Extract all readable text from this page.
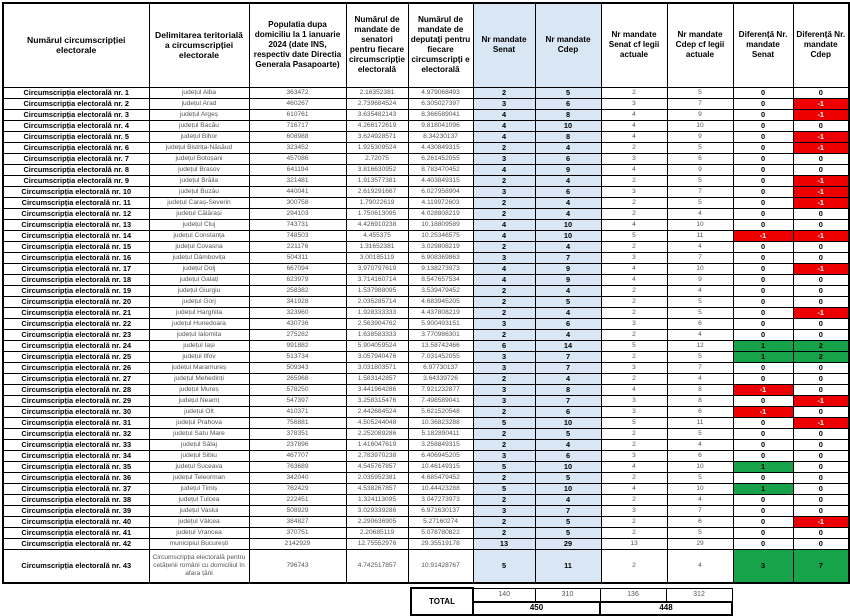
Numărul circumscripției electorale	Delimitarea teritorială a circumscripției electorale	Populatia dupa domiciliu la 1 ianuarie 2024 (date INS, respectiv date Directia Generala Pasapoarte)	Numărul de mandate de senatori pentru fiecare circumscripție electorală	Numărul de mandate de deputați pentru fiecare circumscripți e electorală	Nr mandate Senat	Nr mandate Cdep	Nr mandate Senat cf legii actuale	Nr mandate Cdep cf legii actuale	Diferență Nr. mandate Senat	Diferență Nr. mandate Cdep
Circumscripția electorală nr. 1	județul Alba	363472	2.16352381	4.979068493	2	5	2	5	0	0
Circumscripția electorală nr. 2	județul Arad	460267	2.739684524	6.305027397	3	6	3	7	0	-1
Circumscripția electorală nr. 3	județul Argeș	610761	3.635482143	8.366589041	4	8	4	9	0	-1
Circumscripția electorală nr. 4	județul Bacău	716717	4.266172619	9.818041096	4	10	4	10	0	0
Circumscripția electorală nr. 5	județul Bihor	608988	3.624928571	8.34230137	4	8	4	9	0	-1
Circumscripția electorală nr. 6	județul Bistrița-Năsăud	323452	1.925309524	4.430849315	2	4	2	5	0	-1
Circumscripția electorală nr. 7	județul Botoșani	457086	2.72075	6.261452055	3	6	3	6	0	0
Circumscripția electorală nr. 8	județul Brasov	641194	3.816630952	8.783470452	4	9	4	9	0	0
Circumscripția electorală nr. 9	județul Brăila	321481	1.913577381	4.403849315	2	4	2	5	0	-1
Circumscripția electorală nr. 10	județul Buzău	440041	2.619291667	6.027958904	3	6	3	7	0	-1
Circumscripția electorală nr. 11	județul Caraș-Severin	300758	1.79022619	4.119972603	2	4	2	5	0	-1
Circumscripția electorală nr. 12	județul Călărași	294103	1.750613095	4.028808219	2	4	2	4	0	0
Circumscripția electorală nr. 13	județul Cluj	743731	4.426910238	10.18809589	4	10	4	10	0	0
Circumscripția electorală nr. 14	județul Constanța	748503	4.455375	10.25346575	4	10	5	11	-1	-1
Circumscripția electorală nr. 15	județul Covasna	221176	1.31652381	3.029808219	2	4	2	4	0	0
Circumscripția electorală nr. 16	județul Dâmbovița	504311	3.00185119	6.908369863	3	7	3	7	0	0
Circumscripția electorală nr. 17	județul Dolj	667094	3.970797619	9.138273973	4	9	4	10	0	-1
Circumscripția electorală nr. 18	județul Galați	623979	3.714160714	8.547657534	4	9	4	9	0	0
Circumscripția electorală nr. 19	județul Giurgiu	258382	1.537988095	3.539479452	2	4	2	4	0	0
Circumscripția electorală nr. 20	județul Gorj	341928	2.035285714	4.683945205	2	5	2	5	0	0
Circumscripția electorală nr. 21	județul Harghita	323960	1.928333333	4.437808219	2	4	2	5	0	-1
Circumscripția electorală nr. 22	județul Hunedoara	430736	2.563904762	5.900493151	3	6	3	6	0	0
Circumscripția electorală nr. 23	județul Ialomita	275282	1.638583333	3.770986301	2	4	2	4	0	0
Circumscripția electorală nr. 24	județul Iași	991882	5.904059524	13.58742466	6	14	5	12	1	2
Circumscripția electorală nr. 25	județul Ilfov	513734	3.057940476	7.031452055	3	7	2	5	1	2
Circumscripția electorală nr. 26	județul Maramureș	509343	3.031803571	6.97730137	3	7	3	7	0	0
Circumscripția electorală nr. 27	județul Mehedinți	265968	1.583142857	3.64339726	2	4	2	4	0	0
Circumscripția electorală nr. 28	județul Mureș	578250	3.441964286	7.921232877	3	8	4	8	-1	0
Circumscripția electorală nr. 29	județul Neamț	547397	3.258315476	7.498589041	3	7	3	8	0	-1
Circumscripția electorală nr. 30	județul Olt	410371	2.442684524	5.621520548	2	6	3	6	-1	0
Circumscripția electorală nr. 31	județul Prahova	756881	4.505244048	10.36823288	5	10	5	11	0	-1
Circumscripția electorală nr. 32	județul Satu Mare	378351	2.252089286	5.182890411	2	5	2	5	0	0
Circumscripția electorală nr. 33	județul Sălaj	237896	1.416047619	3.258849315	2	4	2	4	0	0
Circumscripția electorală nr. 34	județul Sibiu	467707	2.783970238	6.406945205	3	6	3	6	0	0
Circumscripția electorală nr. 35	județul Suceava	763689	4.545767857	10.46149315	5	10	4	10	1	0
Circumscripția electorală nr. 36	județul Teleorman	342040	2.035952381	4.685479452	2	5	2	5	0	0
Circumscripția electorală nr. 37	județul Timiș	762429	4.538267857	10.44423288	5	10	4	10	1	0
Circumscripția electorală nr. 38	județul Tulcea	222451	1.324113095	3.047273973	2	4	2	4	0	0
Circumscripția electorală nr. 39	județul Vaslui	508929	3.029339286	6.971630137	3	7	3	7	0	0
Circumscripția electorală nr. 40	județul Vâlcea	384827	2.290636905	5.27160274	2	5	2	6	0	-1
Circumscripția electorală nr. 41	județul Vrancea	370751	2.20685119	5.078780822	2	5	2	5	0	0
Circumscripția electorală nr. 42	municipiul București	2142929	12.75552976	29.35519178	13	29	13	29	0	0
Circumscripția electorală nr. 43	Circumscripția electorală pentru cetățenii români cu domiciliul în afara țării	796743	4.742517857	10.91428767	5	11	2	4	3	7
TOTAL	140	310	136	312
	450		448	
